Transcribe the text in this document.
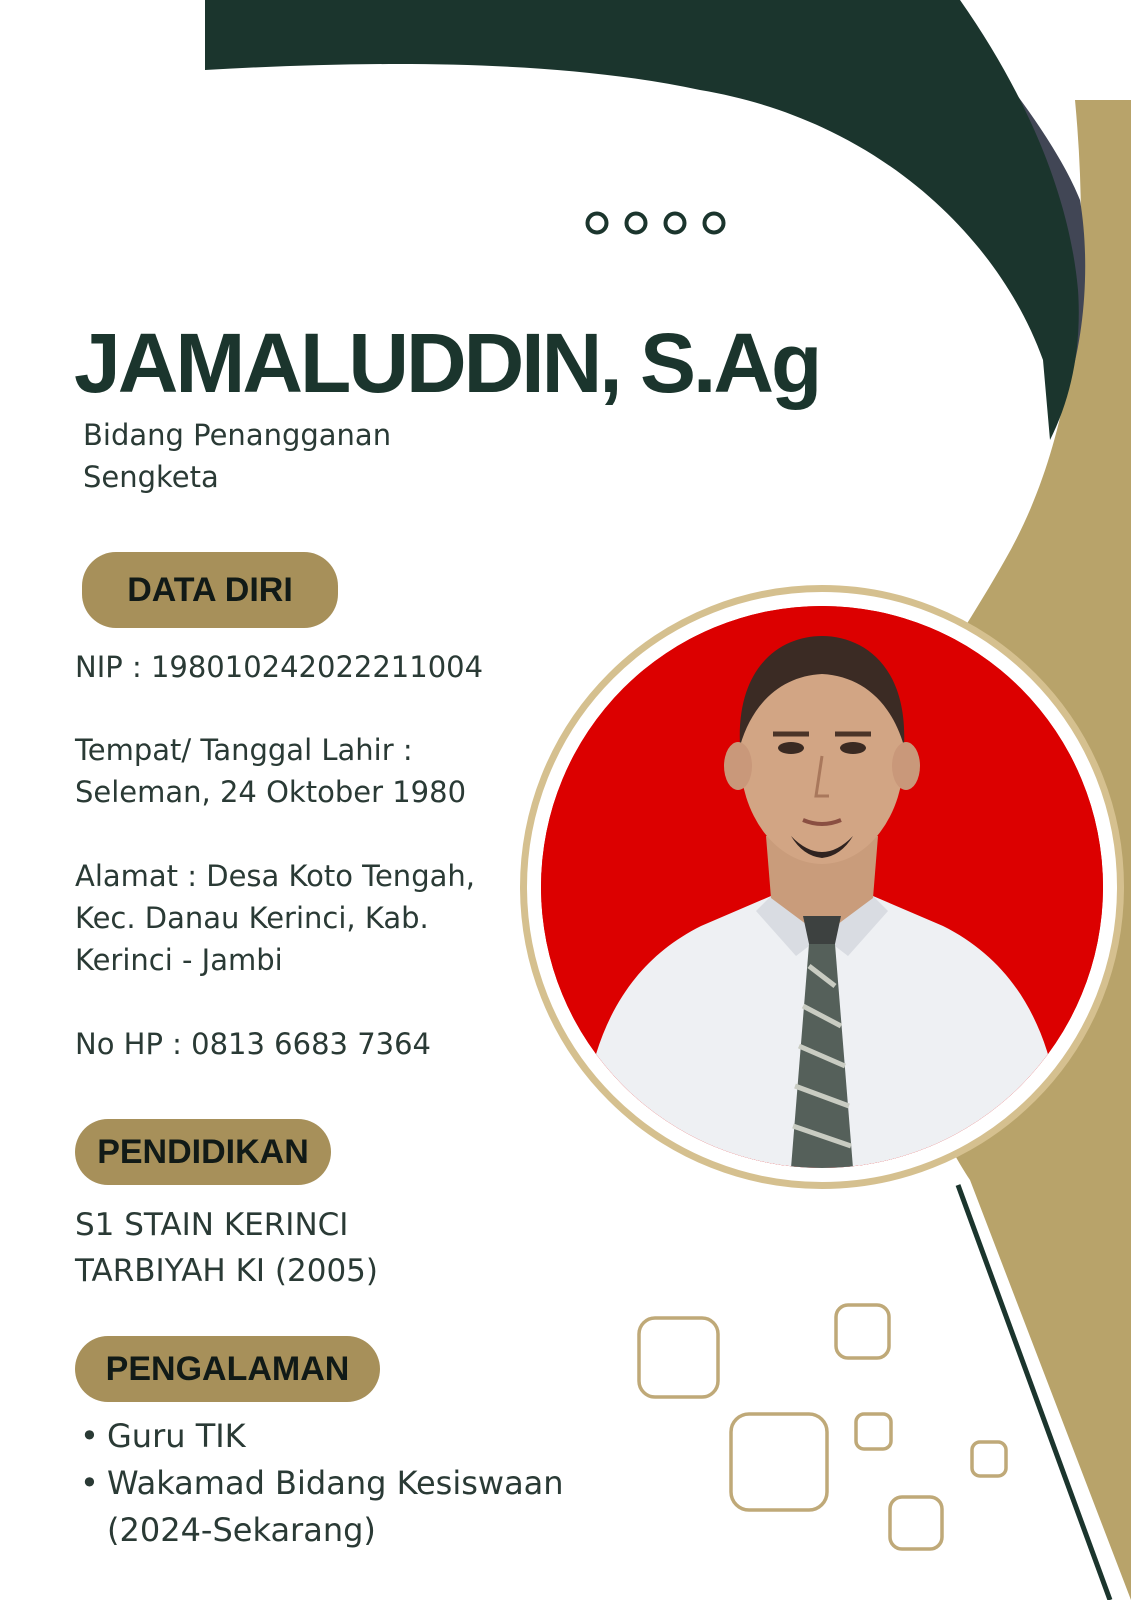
JAMALUDDIN, S.Ag

Bidang Penangganan
Sengketa

DATA DIRI

NIP : 198010242022211004

Tempat/ Tanggal Lahir :

Seleman, 24 Oktober 1980

Alamat : Desa Koto Tengah,

Kec. Danau Kerinci, Kab.

Kerinci - Jambi

No HP : 0813 6683 7364

PENDIDIKAN

S1 STAIN KERINCI
TARBIYAH KI (2005)

PENGALAMAN
• Guru TIK
• Wakamad Bidang Kesiswaan
(2024-Sekarang)
